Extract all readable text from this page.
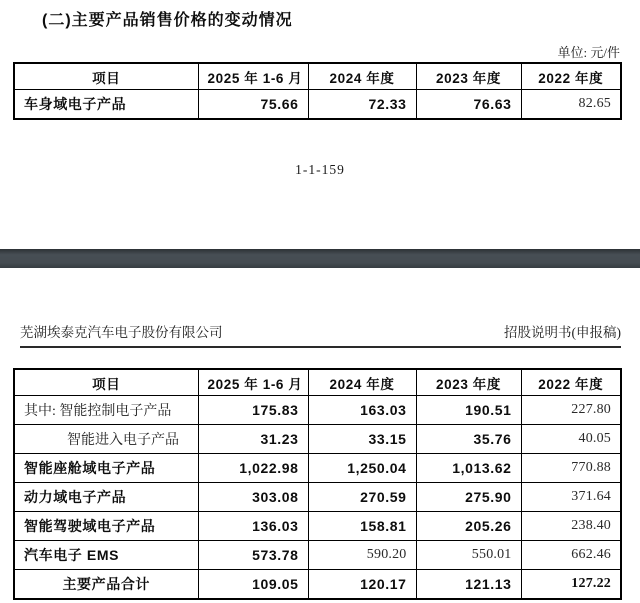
(二)主要产品销售价格的变动情况
单位: 元/件
项目	2025 年 1-6 月	2024 年度	2023 年度	2022 年度
车身域电子产品	75.66	72.33	76.63	82.65
1-1-159
芜湖埃泰克汽车电子股份有限公司	招股说明书(申报稿)
项目	2025 年 1-6 月	2024 年度	2023 年度	2022 年度
其中: 智能控制电子产品	175.83	163.03	190.51	227.80
智能进入电子产品	31.23	33.15	35.76	40.05
智能座舱域电子产品	1,022.98	1,250.04	1,013.62	770.88
动力域电子产品	303.08	270.59	275.90	371.64
智能驾驶域电子产品	136.03	158.81	205.26	238.40
汽车电子 EMS	573.78	590.20	550.01	662.46
主要产品合计	109.05	120.17	121.13	127.22
